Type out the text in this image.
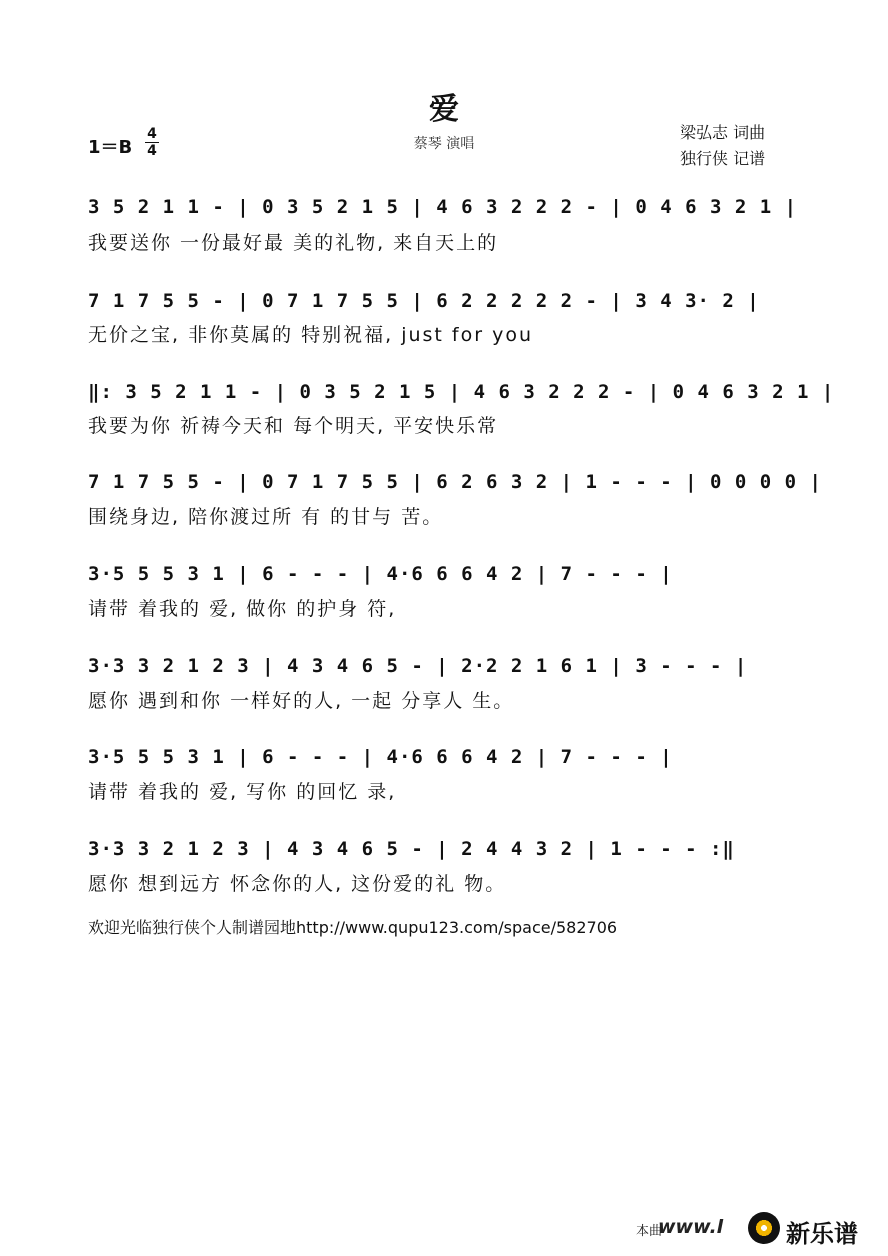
爱
蔡琴 演唱
1＝B
4
4
梁弘志 词曲
独行侠 记谱
3 5 2 1 1 - | 0 3 5 2 1 5 | 4 6 3 2 2 2 - | 0 4 6 3 2 1 |
我要送你 一份最好最 美的礼物, 来自天上的
7 1 7 5 5 - | 0 7 1 7 5 5 | 6 2 2 2 2 2 - | 3 4 3· 2 |
无价之宝, 非你莫属的 特别祝福, just for you
‖: 3 5 2 1 1 - | 0 3 5 2 1 5 | 4 6 3 2 2 2 - | 0 4 6 3 2 1 |
我要为你 祈祷今天和 每个明天, 平安快乐常
7 1 7 5 5 - | 0 7 1 7 5 5 | 6 2 6 3 2 | 1 - - - | 0 0 0 0 |
围绕身边, 陪你渡过所 有 的甘与 苦。
3·5 5 5 3 1 | 6 - - - | 4·6 6 6 4 2 | 7 - - - |
请带 着我的 爱, 做你 的护身 符,
3·3 3 2 1 2 3 | 4 3 4 6 5 - | 2·2 2 1 6 1 | 3 - - - |
愿你 遇到和你 一样好的人, 一起 分享人 生。
3·5 5 5 3 1 | 6 - - - | 4·6 6 6 4 2 | 7 - - - |
请带 着我的 爱, 写你 的回忆 录,
3·3 3 2 1 2 3 | 4 3 4 6 5 - | 2 4 4 3 2 | 1 - - - :‖
愿你 想到远方 怀念你的人, 这份爱的礼 物。
欢迎光临独行侠个人制谱园地http://www.qupu123.com/space/582706
本曲
www.l	新乐谱
